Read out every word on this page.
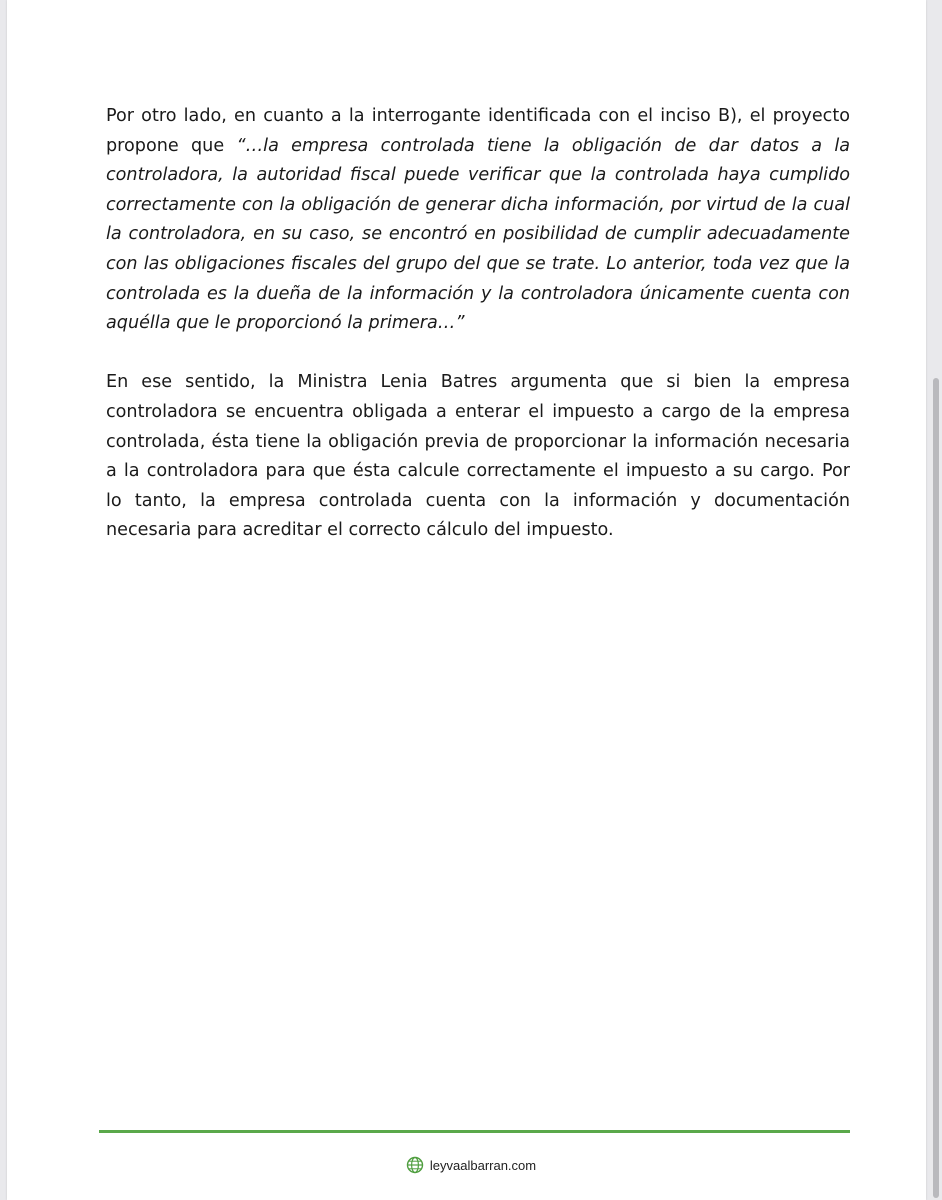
Por otro lado, en cuanto a la interrogante identificada con el inciso B), el proyecto propone que “…la empresa controlada tiene la obligación de dar datos a la controladora, la autoridad fiscal puede verificar que la controlada haya cumplido correctamente con la obligación de generar dicha información, por virtud de la cual la controladora, en su caso, se encontró en posibilidad de cumplir adecuadamente con las obligaciones fiscales del grupo del que se trate. Lo anterior, toda vez que la controlada es la dueña de la información y la controladora únicamente cuenta con aquélla que le proporcionó la primera…”

En ese sentido, la Ministra Lenia Batres argumenta que si bien la empresa controladora se encuentra obligada a enterar el impuesto a cargo de la empresa controlada, ésta tiene la obligación previa de proporcionar la información necesaria a la controladora para que ésta calcule correctamente el impuesto a su cargo. Por lo tanto, la empresa controlada cuenta con la información y documentación necesaria para acreditar el correcto cálculo del impuesto.

leyvaalbarran.com
